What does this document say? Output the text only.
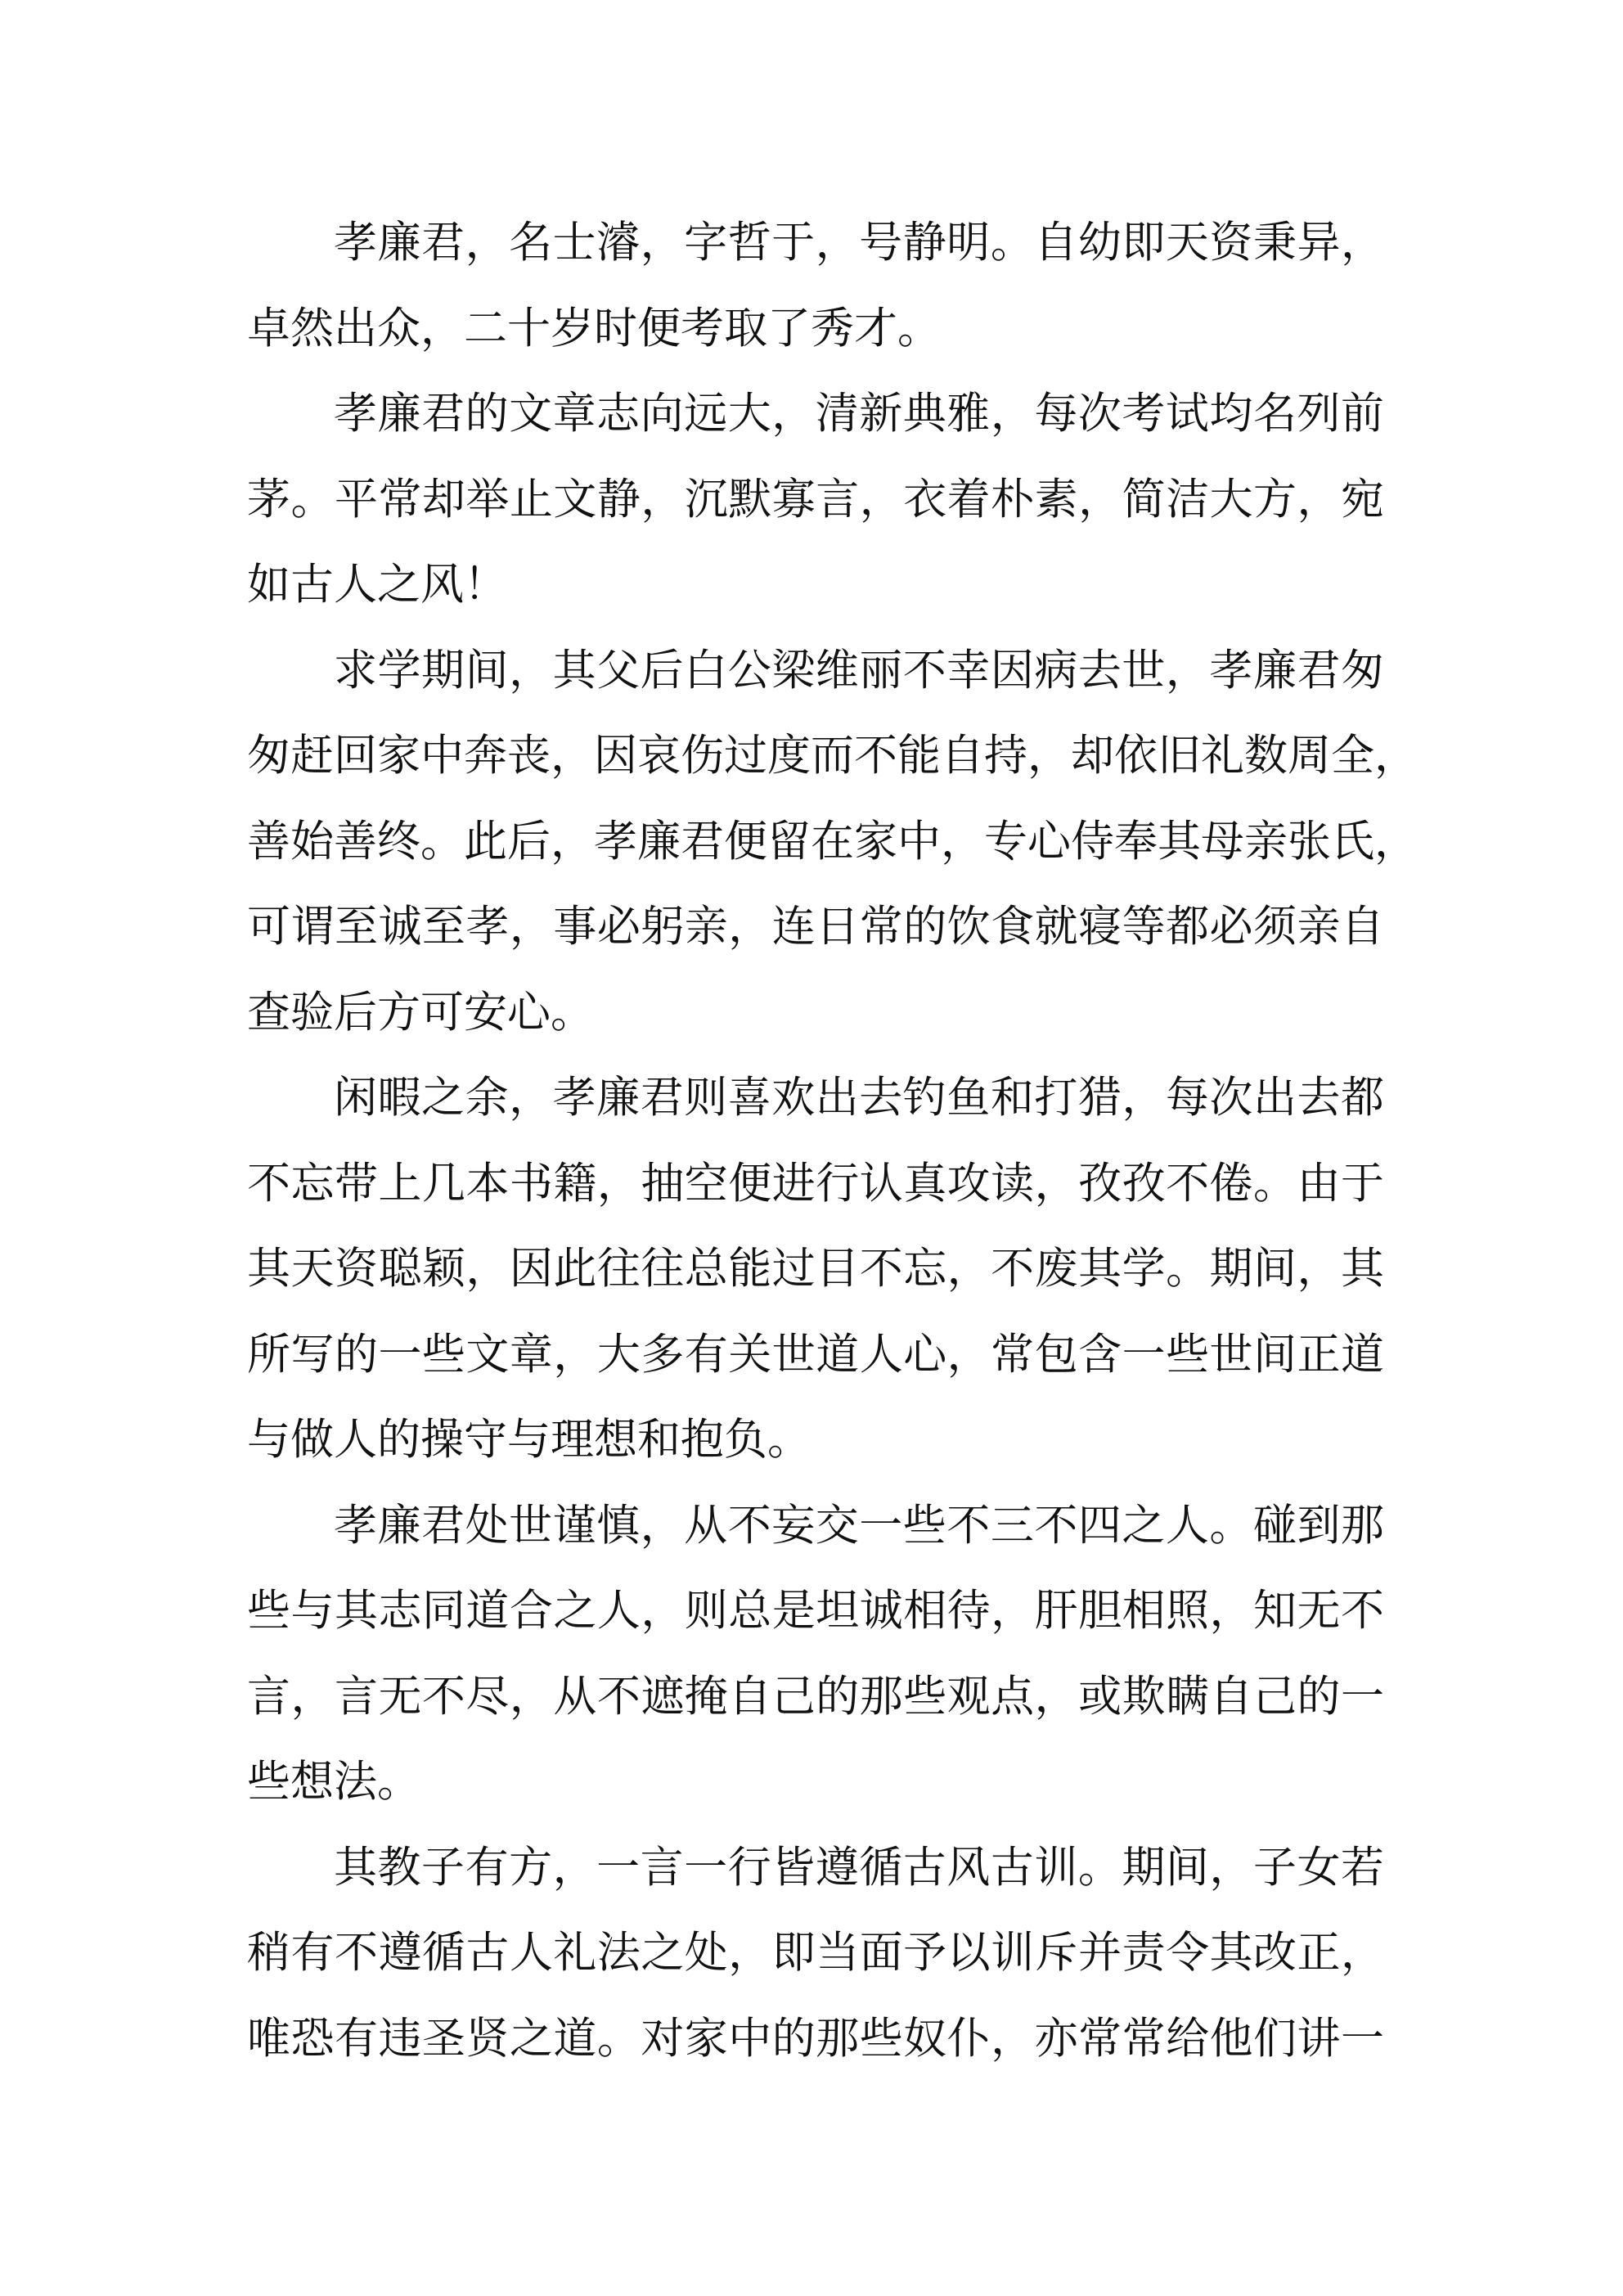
孝廉君，名士濬，字哲于，号静明。自幼即天资秉异，
卓然出众，二十岁时便考取了秀才。
孝廉君的文章志向远大，清新典雅，每次考试均名列前
茅。平常却举止文静，沉默寡言，衣着朴素，简洁大方，宛
如古人之风！
求学期间，其父后白公梁维丽不幸因病去世，孝廉君匆
匆赶回家中奔丧，因哀伤过度而不能自持，却依旧礼数周全，
善始善终。此后，孝廉君便留在家中，专心侍奉其母亲张氏，
可谓至诚至孝，事必躬亲，连日常的饮食就寝等都必须亲自
查验后方可安心。
闲暇之余，孝廉君则喜欢出去钓鱼和打猎，每次出去都
不忘带上几本书籍，抽空便进行认真攻读，孜孜不倦。由于
其天资聪颖，因此往往总能过目不忘，不废其学。期间，其
所写的一些文章，大多有关世道人心，常包含一些世间正道
与做人的操守与理想和抱负。
孝廉君处世谨慎，从不妄交一些不三不四之人。碰到那
些与其志同道合之人，则总是坦诚相待，肝胆相照，知无不
言，言无不尽，从不遮掩自己的那些观点，或欺瞒自己的一
些想法。
其教子有方，一言一行皆遵循古风古训。期间，子女若
稍有不遵循古人礼法之处，即当面予以训斥并责令其改正，
唯恐有违圣贤之道。对家中的那些奴仆，亦常常给他们讲一
